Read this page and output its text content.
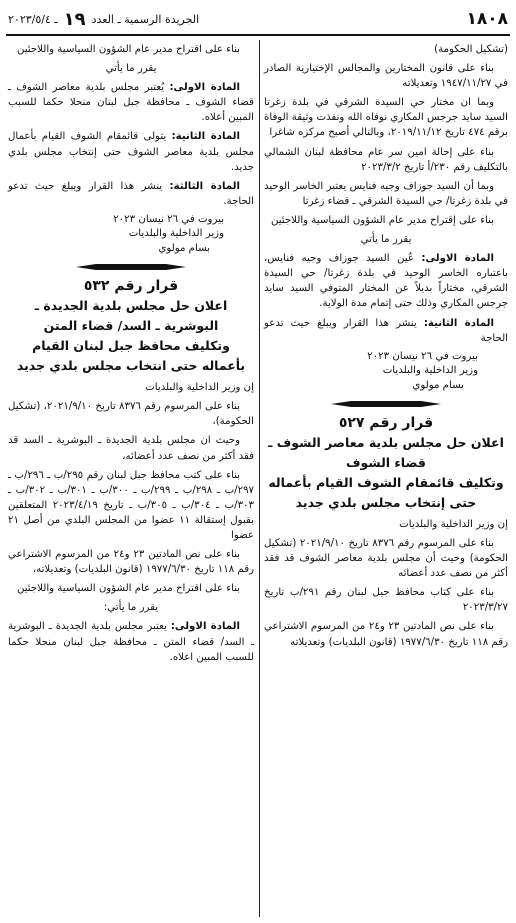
١٨٠٨
الجريدة الرسمية ـ العدد
١٩
ـ ٢٠٢٣/٥/٤

(تشكيل الحكومة)

بناء على قانون المختارين والمجالس الإختيارية الصادر في ١٩٤٧/١١/٢٧ وتعديلاته

وبما ان مختار حي السيدة الشرقي في بلدة زغرتا السيد سايد جرجس المكاري نوفاه الله ونفذت وثيقة الوفاة برقم ٤٧٤ تاريخ ٢٠١٩/١١/١٢، وبالتالي أصبح مركزه شاغرا

بناء على إحالة امين سر عام محافظة لبنان الشمالي بالتكليف رقم ٢٣٠/أ تاريخ ٢٠٢٣/٣/٢

وبما أن السيد جوزاف وجيه فنايس يعتبر الخاسر الوحيد في بلدة زغرتا/ حي السيدة الشرقي ـ قضاء زغرتا

بناء على إقتراح مدير عام الشؤون السياسية واللاجئين

يقرر ما يأتي

المادة الاولى: عُين السيد جوزاف وجيه فنايس، باعتباره الخاسر الوحيد في بلدة زغرتا/ حي السيدة الشرقي، مختاراً بديلاً عن المختار المتوفي السيد سايد جرجس المكاري وذلك حتى إتمام مدة الولاية.

المادة الثانية: ينشر هذا القرار ويبلغ حيث تدعو الحاجة

بيروت في ٢٦ نيسان ٢٠٢٣
وزير الداخلية والبلديات
بسام مولوي

قرار رقم ٥٢٧

اعلان حل مجلس بلدية معاصر الشوف ـ

قضاء الشوف

وتكليف قائمقام الشوف القيام بأعماله

حتى إنتخاب مجلس بلدي جديد

إن وزير الداخلية والبلديات

بناء على المرسوم رقم ٨٣٧٦ تاريخ ٢٠٢١/٩/١٠ (تشكيل الحكومة) وحيث أن مجلس بلدية معاصر الشوف قد فقد أكثر من نصف عدد أعضائه

بناء على كتاب محافظ جبل لبنان رقم ٢٩١/ب تاريخ ٢٠٢٣/٣/٢٧

بناء على نص المادتين ٢٣ و٢٤ من المرسوم الاشتراعي رقم ١١٨ تاريخ ١٩٧٧/٦/٣٠ (قانون البلديات) وتعديلاته

بناء على اقتراح مدير عام الشؤون السياسية واللاجئين

يقرر ما يأتي

المادة الاولى: يُعتبر مجلس بلدية معاصر الشوف ـ قضاء الشوف ـ محافظة جبل لبنان منحلا حكما للسبب المبين أعلاه.

المادة الثانية: يتولى قائمقام الشوف القيام بأعمال مجلس بلدية معاصر الشوف حتى إنتخاب مجلس بلدي جديد.

المادة الثالثة: ينشر هذا القرار ويبلغ حيث تدعو الحاجة.

بيروت في ٢٦ نيسان ٢٠٢٣
وزير الداخلية والبلديات
بسام مولوي

قرار رقم ٥٣٢

اعلان حل مجلس بلدية الجديدة ـ

البوشرية ـ السد/ قضاء المتن

وتكليف محافظ جبل لبنان القيام

بأعماله حتى انتخاب مجلس بلدي جديد

إن وزير الداخلية والبلديات

بناء على المرسوم رقم ٨٣٧٦ تاريخ ٢٠٢١/٩/١٠، (تشكيل الحكومة)،

وحيث ان مجلس بلدية الجديدة ـ البوشرية ـ السد قد فقد أكثر من نصف عدد أعضائه،

بناء على كتب محافظ جبل لبنان رقم ٢٩٥/ب ـ ٢٩٦/ب ـ ٢٩٧/ب ـ ٢٩٨/ب ـ ٢٩٩/ب ـ ٣٠٠/ب ـ ٣٠١/ب ـ ٣٠٢/ب ـ ٣٠٣/ب ـ ٣٠٤/ب ـ ٣٠٥/ب ـ تاريخ ٢٠٢٣/٤/١٩ المتعلقين بقبول إستقالة ١١ عضوا من المجلس البلدي من أصل ٢١ عضوا

بناء على نص المادتين ٢٣ و٢٤ من المرسوم الاشتراعي رقم ١١٨ تاريخ ١٩٧٧/٦/٣٠ (قانون البلديات) وتعديلاته،

بناء على اقتراح مدير عام الشؤون السياسية واللاجئين

يقرر ما يأتي:

المادة الاولى: يعتبر مجلس بلدية الجديدة ـ البوشرية ـ السد/ قضاء المتن ـ محافظة جبل لبنان منحلا حكما للسبب المبين اعلاه.
